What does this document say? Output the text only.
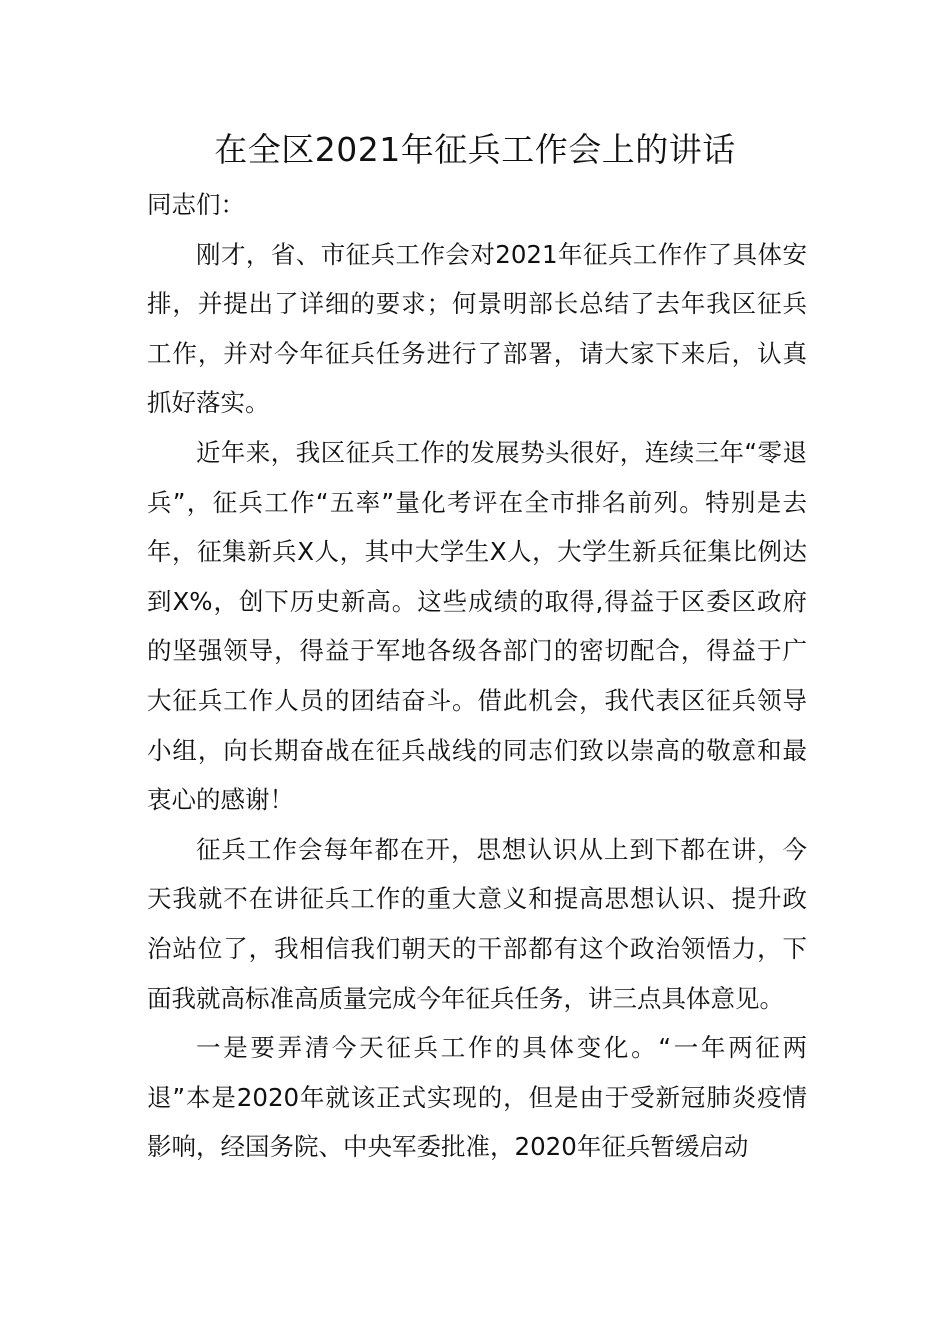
在全区2021年征兵工作会上的讲话

同志们：

刚才，省、市征兵工作会对2021年征兵工作作了具体安排，并提出了详细的要求；何景明部长总结了去年我区征兵工作，并对今年征兵任务进行了部署，请大家下来后，认真抓好落实。

近年来，我区征兵工作的发展势头很好，连续三年“零退兵”，征兵工作“五率”量化考评在全市排名前列。特别是去年，征集新兵X人，其中大学生X人，大学生新兵征集比例达到X%，创下历史新高。这些成绩的取得,得益于区委区政府的坚强领导，得益于军地各级各部门的密切配合，得益于广大征兵工作人员的团结奋斗。借此机会，我代表区征兵领导小组，向长期奋战在征兵战线的同志们致以崇高的敬意和最衷心的感谢！

征兵工作会每年都在开，思想认识从上到下都在讲，今天我就不在讲征兵工作的重大意义和提高思想认识、提升政治站位了，我相信我们朝天的干部都有这个政治领悟力，下面我就高标准高质量完成今年征兵任务，讲三点具体意见。

一是要弄清今天征兵工作的具体变化。“一年两征两退”本是2020年就该正式实现的，但是由于受新冠肺炎疫情影响，经国务院、中央军委批准，2020年征兵暂缓启动
